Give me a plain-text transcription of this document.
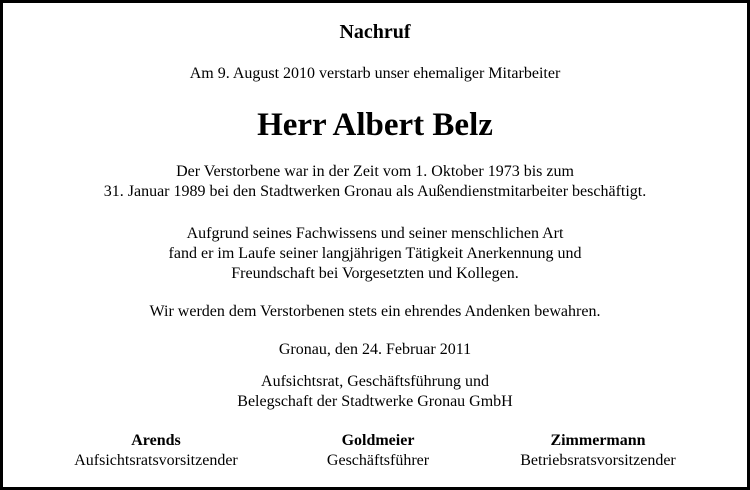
Nachruf
Am 9. August 2010 verstarb unser ehemaliger Mitarbeiter
Herr Albert Belz
Der Verstorbene war in der Zeit vom 1. Oktober 1973 bis zum
31. Januar 1989 bei den Stadtwerken Gronau als Außendienstmitarbeiter beschäftigt.
Aufgrund seines Fachwissens und seiner menschlichen Art
fand er im Laufe seiner langjährigen Tätigkeit Anerkennung und
Freundschaft bei Vorgesetzten und Kollegen.
Wir werden dem Verstorbenen stets ein ehrendes Andenken bewahren.
Gronau, den 24. Februar 2011
Aufsichtsrat, Geschäftsführung und
Belegschaft der Stadtwerke Gronau GmbH
Arends
Aufsichtsratsvorsitzender
Goldmeier
Geschäftsführer
Zimmermann
Betriebsratsvorsitzender
